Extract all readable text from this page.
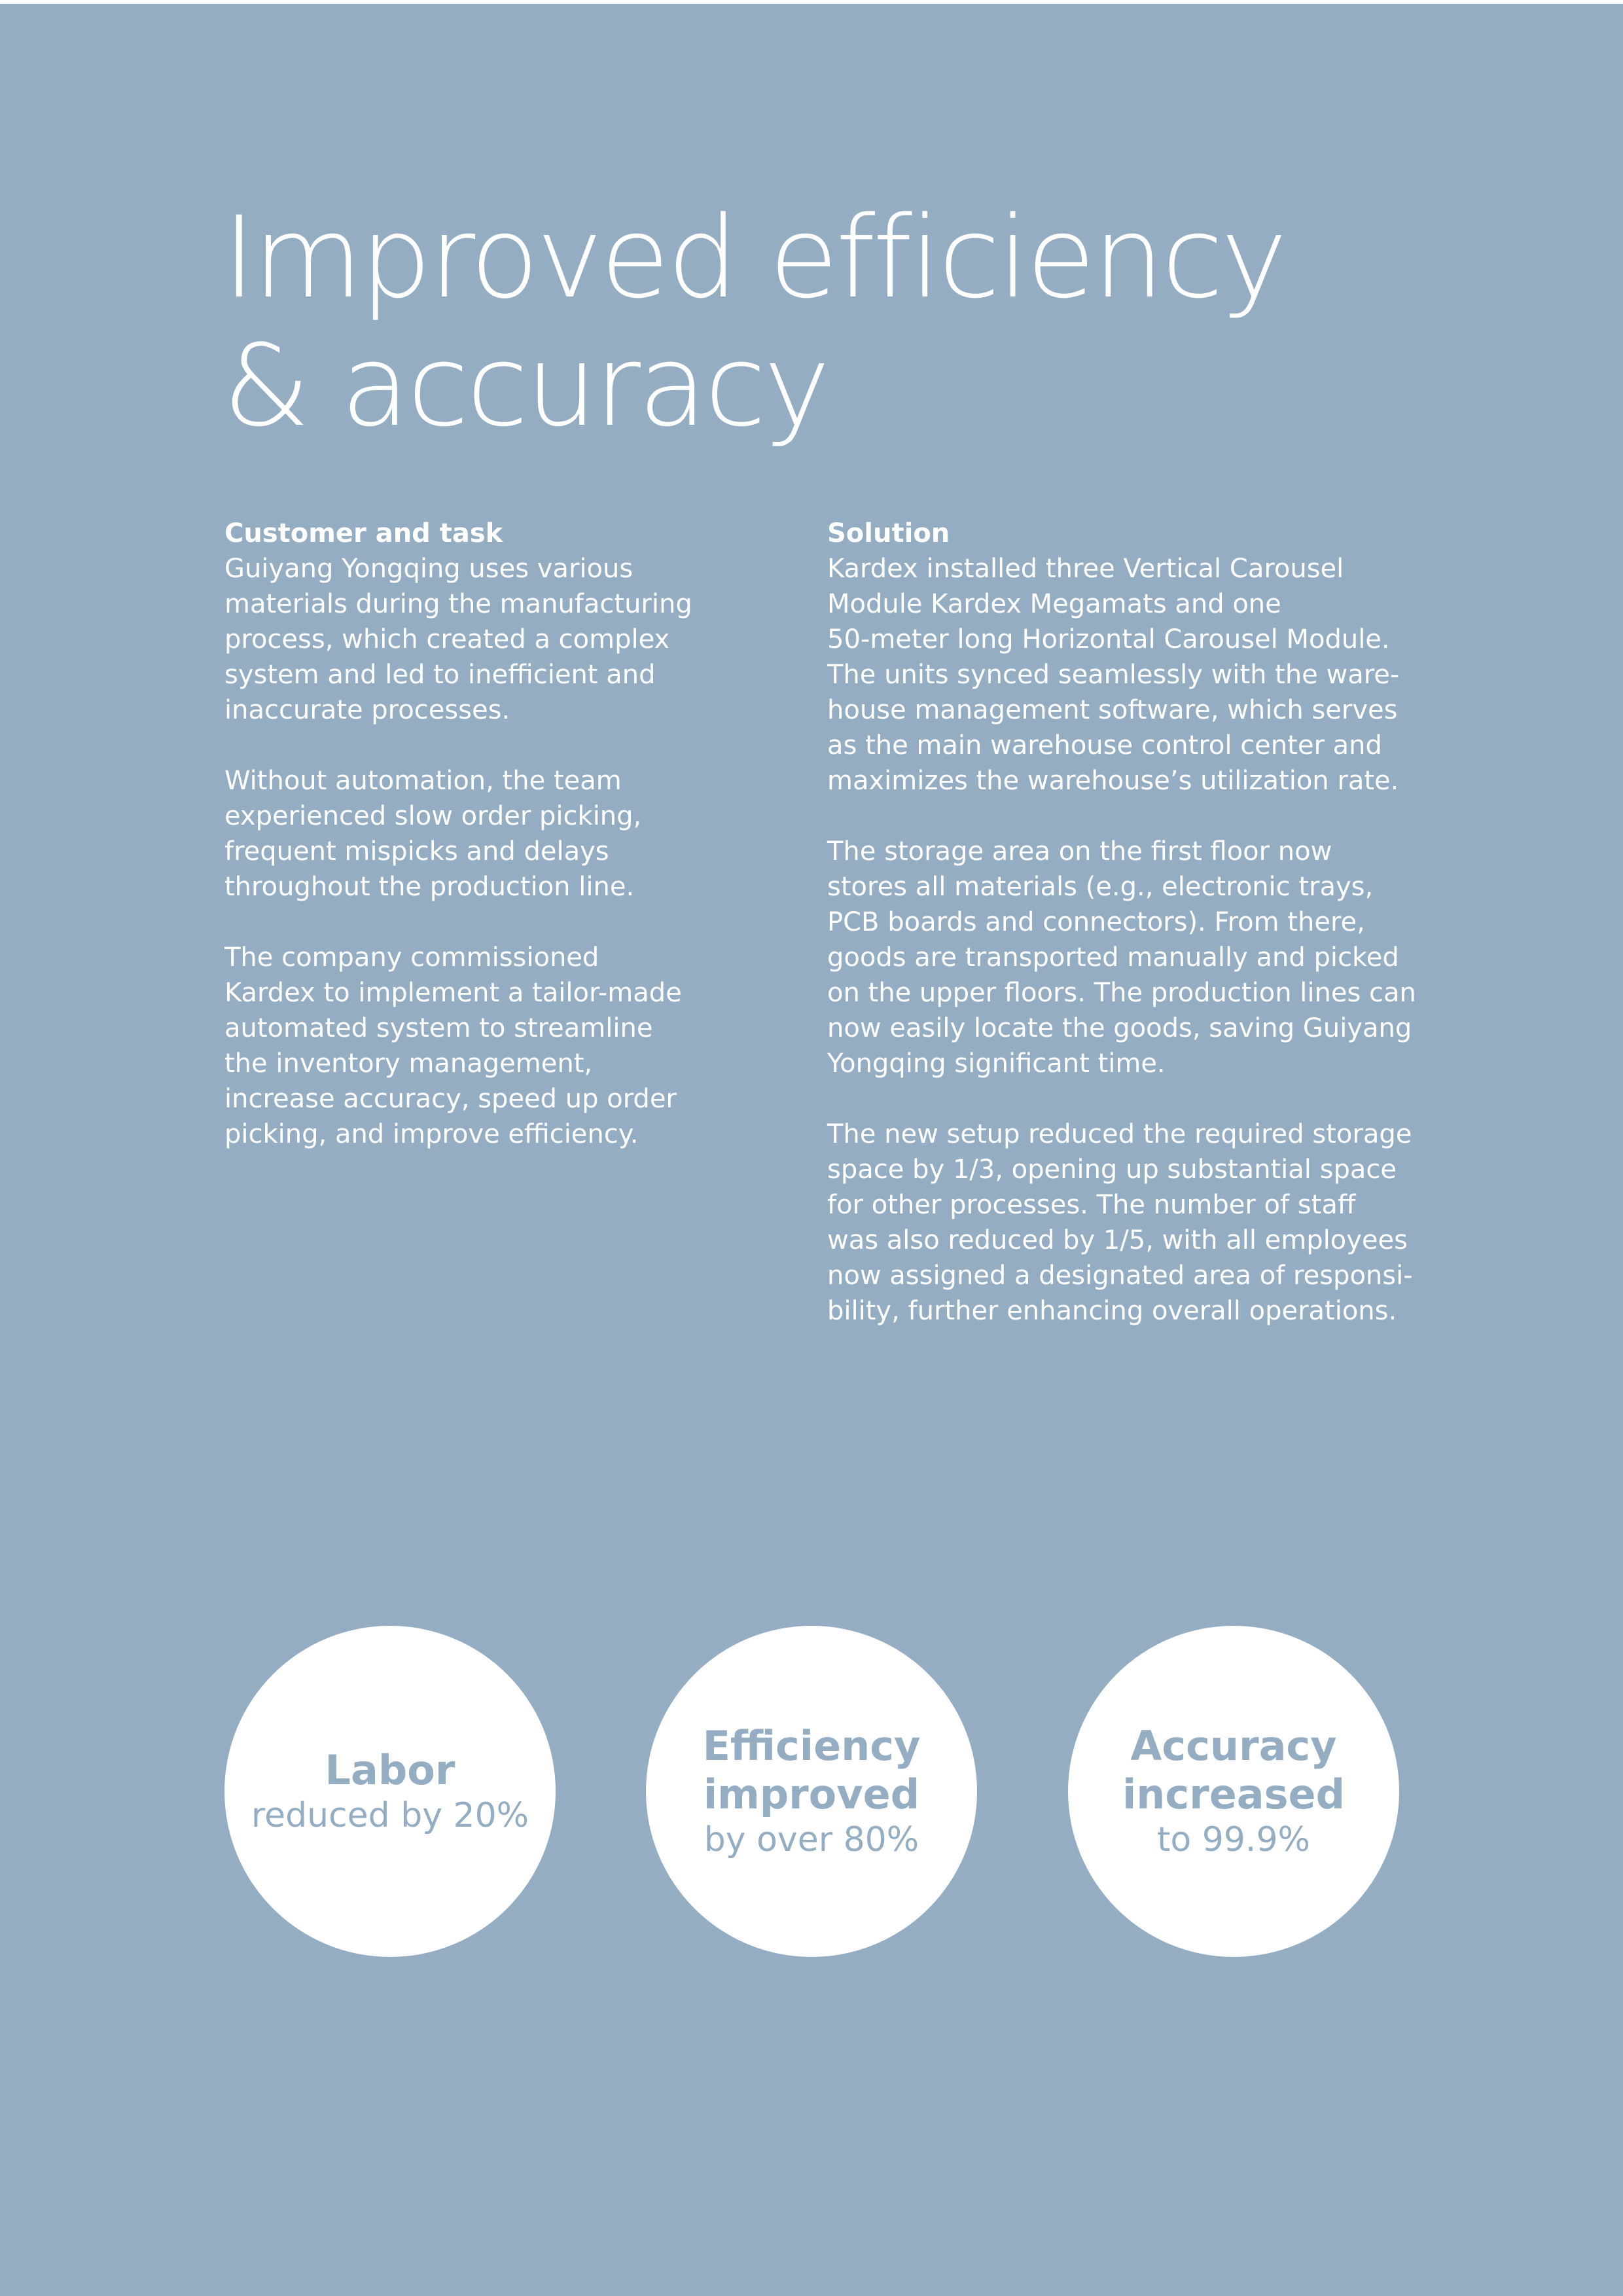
Improved efficiency
& accuracy
Customer and task

Guiyang Yongqing uses various
materials during the manufacturing
process, which created a complex
system and led to inefficient and
inaccurate processes.

Without automation, the team
experienced slow order picking,
frequent mispicks and delays
throughout the production line.

The company commissioned
Kardex to implement a tailor-made
automated system to streamline
the inventory management,
increase accuracy, speed up order
picking, and improve efficiency.

Solution

Kardex installed three Vertical Carousel
Module Kardex Megamats and one
50-meter long Horizontal Carousel Module.
The units synced seamlessly with the ware-
house management software, which serves
as the main warehouse control center and
maximizes the warehouse’s utilization rate.

The storage area on the first floor now
stores all materials (e.g., electronic trays,
PCB boards and connectors). From there,
goods are transported manually and picked
on the upper floors. The production lines can
now easily locate the goods, saving Guiyang
Yongqing significant time.

The new setup reduced the required storage
space by 1/3, opening up substantial space
for other processes. The number of staff
was also reduced by 1/5, with all employees
now assigned a designated area of responsi-
bility, further enhancing overall operations.

Labor
reduced by 20%
Efficiency
improved
by over 80%
Accuracy
increased
to 99.9%
